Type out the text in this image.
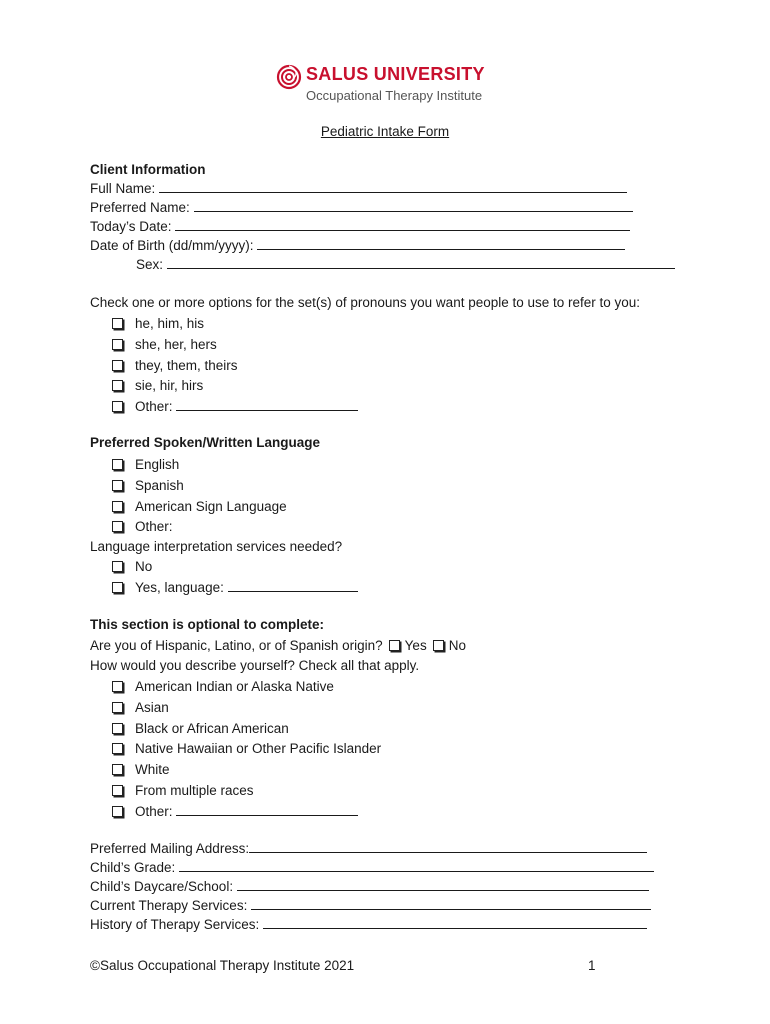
SALUS UNIVERSITY
Occupational Therapy Institute
Pediatric Intake Form
Client Information
Full Name:
Preferred Name:
Today’s Date:
Date of Birth (dd/mm/yyyy):
Sex:
Check one or more options for the set(s) of pronouns you want people to use to refer to you:
he, him, his
she, her, hers
they, them, theirs
sie, hir, hirs
Other:
Preferred Spoken/Written Language
English
Spanish
American Sign Language
Other:
Language interpretation services needed?
No
Yes, language:
This section is optional to complete:
Are you of Hispanic, Latino, or of Spanish origin? Yes No
How would you describe yourself? Check all that apply.
American Indian or Alaska Native
Asian
Black or African American
Native Hawaiian or Other Pacific Islander
White
From multiple races
Other:
Preferred Mailing Address:
Child’s Grade:
Child’s Daycare/School:
Current Therapy Services:
History of Therapy Services:
©Salus Occupational Therapy Institute 2021	1
